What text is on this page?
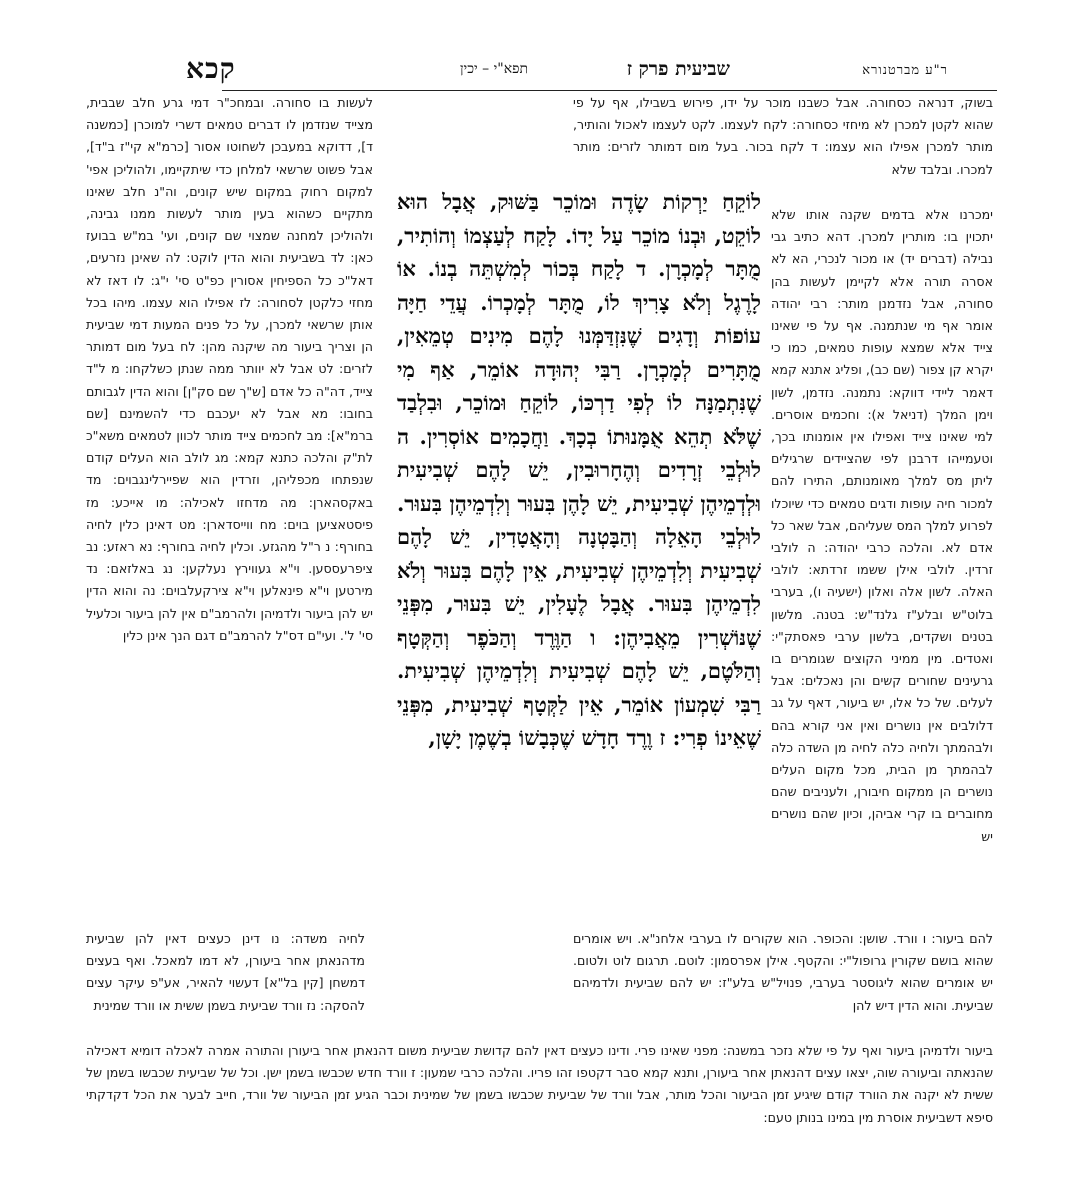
קכא	תפא"י – יכין	שביעית פרק ז	ר"ע מברטנורא
בשוק, דנראה כסחורה. אבל כשבנו מוכר על ידו, פירוש בשבילו, אף על פי שהוא לקטן למכרן לא מיחזי כסחורה: לקח לעצמו. לקט לעצמו לאכול והותיר, מותר למכרן אפילו הוא עצמו: ד לקח בכור. בעל מום דמותר לזרים: מותר למכרו. ובלבד שלא
ימכרנו אלא בדמים שקנה אותו שלא יתכוין בו: מותרין למכרן. דהא כתיב גבי נבילה (דברים יד) או מכור לנכרי, הא לא אסרה תורה אלא לקיימן לעשות בהן סחורה, אבל נזדמנן מותר: רבי יהודה אומר אף מי שנתמנה. אף על פי שאינו צייד אלא שמצא עופות טמאים, כמו כי יקרא קן צפור (שם כב), ופליג אתנא קמא דאמר ליידי דווקא: נתמנה. נזדמן, לשון וימן המלך (דניאל א): וחכמים אוסרים. למי שאינו צייד ואפילו אין אומנותו בכך, וטעמייהו דרבנן לפי שהציידים שרגילים ליתן מס למלך מאומנותם, התירו להם למכור חיה עופות ודגים טמאים כדי שיוכלו לפרוע למלך המס שעליהם, אבל שאר כל אדם לא. והלכה כרבי יהודה: ה לולבי זרדין. לולבי אילן ששמו זרדתא: לולבי האלה. לשון אלה ואלון (ישעיה ו), בערבי בלוט"ש ובלע"ז גלנד"ש: בטנה. מלשון בטנים ושקדים, בלשון ערבי פאסתק"י: ואטדים. מין ממיני הקוצים שגומרים בו גרעינים שחורים קשים והן נאכלים: אבל לעלים. של כל אלו, יש ביעור, דאף על גב דלולבים אין נושרים ואין אני קורא בהם ולבהמתך ולחיה כלה לחיה מן השדה כלה לבהמתך מן הבית, מכל מקום העלים נושרים הן ממקום חיבורן, ולעניבים שהם מחוברים בו קרי אביהן, וכיון שהם נושרים יש
לוֹקֵחַ יַרְקוֹת שָׂדֶה וּמוֹכֵר בַּשּׁוּק, אֲבָל הוּא לוֹקֵט, וּבְנוֹ מוֹכֵר עַל יָדוֹ. לָקַח לְעַצְמוֹ וְהוֹתִיר, מֻתָּר לְמָכְרָן. ד לָקַח בְּכוֹר לְמִשְׁתֵּה בְנוֹ. אוֹ לָרֶגֶל וְלֹא צָרִיךְ לוֹ, מֻתָּר לְמָכְרוֹ. עֲדֵי חַיָּה עוֹפוֹת וְדָגִים שֶׁנִּזְדַּמְּנוּ לָהֶם מִינִים טְמֵאִין, מֻתָּרִים לְמָכְרָן. רַבִּי יְהוּדָה אוֹמֵר, אַף מִי שֶׁנִּתְמַנָּה לוֹ לְפִי דַרְכּוֹ, לוֹקֵחַ וּמוֹכֵר, וּבִלְבַד שֶׁלֹּא תְהֵא אֻמָּנוּתוֹ בְכָךְ. וַחֲכָמִים אוֹסְרִין. ה לוּלְבֵי זְרָדִים וְהֶחָרוּבִין, יֵשׁ לָהֶם שְׁבִיעִית וּלְדְמֵיהֶן שְׁבִיעִית, יֵשׁ לָהֶן בִּעוּר וְלִדְמֵיהֶן בִּעוּר. לוּלְבֵי הָאֵלָה וְהַבָּטְנָה וְהָאֲטָדִין, יֵשׁ לָהֶם שְׁבִיעִית וְלִדְמֵיהֶן שְׁבִיעִית, אֵין לָהֶם בִּעוּר וְלֹא לִדְמֵיהֶן בִּעוּר. אֲבָל לֶעָלִין, יֵשׁ בִּעוּר, מִפְּנֵי שֶׁנּוֹשְׁרִין מֵאֲבִיהֶן: ו הַוֶּרֶד וְהַכֹּפֶר וְהַקְּטָף וְהַלֹּטֶם, יֵשׁ לָהֶם שְׁבִיעִית וְלִדְמֵיהֶן שְׁבִיעִית. רַבִּי שִׁמְעוֹן אוֹמֵר, אֵין לַקְּטָף שְׁבִיעִית, מִפְּנֵי שֶׁאֵינוֹ פְרִי: ז וֶרֶד חָדָשׁ שֶׁכְּבָשׁוֹ בְשֶׁמֶן יָשָׁן,
לעשות בו סחורה. ובמחכ"ר דמי גרע חלב שבבית, מצייד שנזדמן לו דברים טמאים דשרי למוכרן [כמשנה ד], דדוקא במעבכן לשחוטו אסור [כרמ"א קי"ז ב"ד], אבל פשוט שרשאי למלחן כדי שיתקיימו, ולהוליכן אפי' למקום רחוק במקום שיש קונים, וה"נ חלב שאינו מתקיים כשהוא בעין מותר לעשות ממנו גבינה, ולהוליכן למחנה שמצוי שם קונים, ועי' במ"ש בבועז כאן: לד בשביעית והוא הדין לוקט: לה שאינן נזרעים, דאל"כ כל הספיחין אסורין כפ"ט סי' י"ג: לו דאז לא מחזי כלקטן לסחורה: לז אפילו הוא עצמו. מיהו בכל אותן שרשאי למכרן, על כל פנים המעות דמי שביעית הן וצריך ביעור מה שיקנה מהן: לח בעל מום דמותר לזרים: לט אבל לא יוותר ממה שנתן כשלקחו: מ ל"ד צייד, דה"ה כל אדם [ש"ך שם סק"ן] והוא הדין לגבותם בחובו: מא אבל לא יעכבם כדי להשמינם [שם ברמ"א]: מב לחכמים צייד מותר לכוון לטמאים משא"כ לת"ק והלכה כתנא קמא: מג לולב הוא העלים קודם שנפתחו מכפליהן, וזרדין הוא שפיירלינגבוים: מד באקסהארן: מה מדחזו לאכילה: מו אייכע: מז פיסטאציען בוים: מח ווייסדארן: מט דאינן כלין לחיה בחורף: נ ר"ל מהגזע. וכלין לחיה בחורף: נא ראזע: נב ציפרעססען. וי"א געווירץ נעלקען: נג באלזאם: נד מירטען וי"א פינאלען וי"א צירקעלבוים: נה והוא הדין יש להן ביעור ולדמיהן ולהרמב"ם אין להן ביעור וכלעיל סי' ל'. ועי"ם דס"ל להרמב"ם דגם הנך אינן כלין
להם ביעור: ו וורד. שושן: והכופר. הוא שקורים לו בערבי אלחנ"א. ויש אומרים שהוא בושם שקורין גרופול"י: והקטף. אילן אפרסמון: לוטם. תרגום לוט ולטום. יש אומרים שהוא ליגוסטר בערבי, פנויל"ש בלע"ז: יש להם שביעית ולדמיהם שביעית. והוא הדין דיש להן
לחיה משדה: נו דינן כעצים דאין להן שביעית מדהנאתן אחר ביעורן, לא דמו למאכל. ואף בעצים דמשחן [קין בל"א] דעשוי להאיר, אע"פ עיקר עצים להסקה: נז וורד שביעית בשמן ששית או וורד שמינית
ביעור ולדמיהן ביעור ואף על פי שלא נזכר במשנה: מפני שאינו פרי. ודינו כעצים דאין להם קדושת שביעית משום דהנאתן אחר ביעורן והתורה אמרה לאכלה דומיא דאכילה שהנאתה וביעורה שוה, יצאו עצים דהנאתן אחר ביעורן, ותנא קמא סבר דקטפו זהו פריו. והלכה כרבי שמעון: ז וורד חדש שכבשו בשמן ישן. וכל של שביעית שכבשו בשמן של ששית לא יקנה את הוורד קודם שיגיע זמן הביעור והכל מותר, אבל וורד של שביעית שכבשו בשמן של שמינית וכבר הגיע זמן הביעור של וורד, חייב לבער את הכל דקדקתי סיפא דשביעית אוסרת מין במינו בנותן טעם:
